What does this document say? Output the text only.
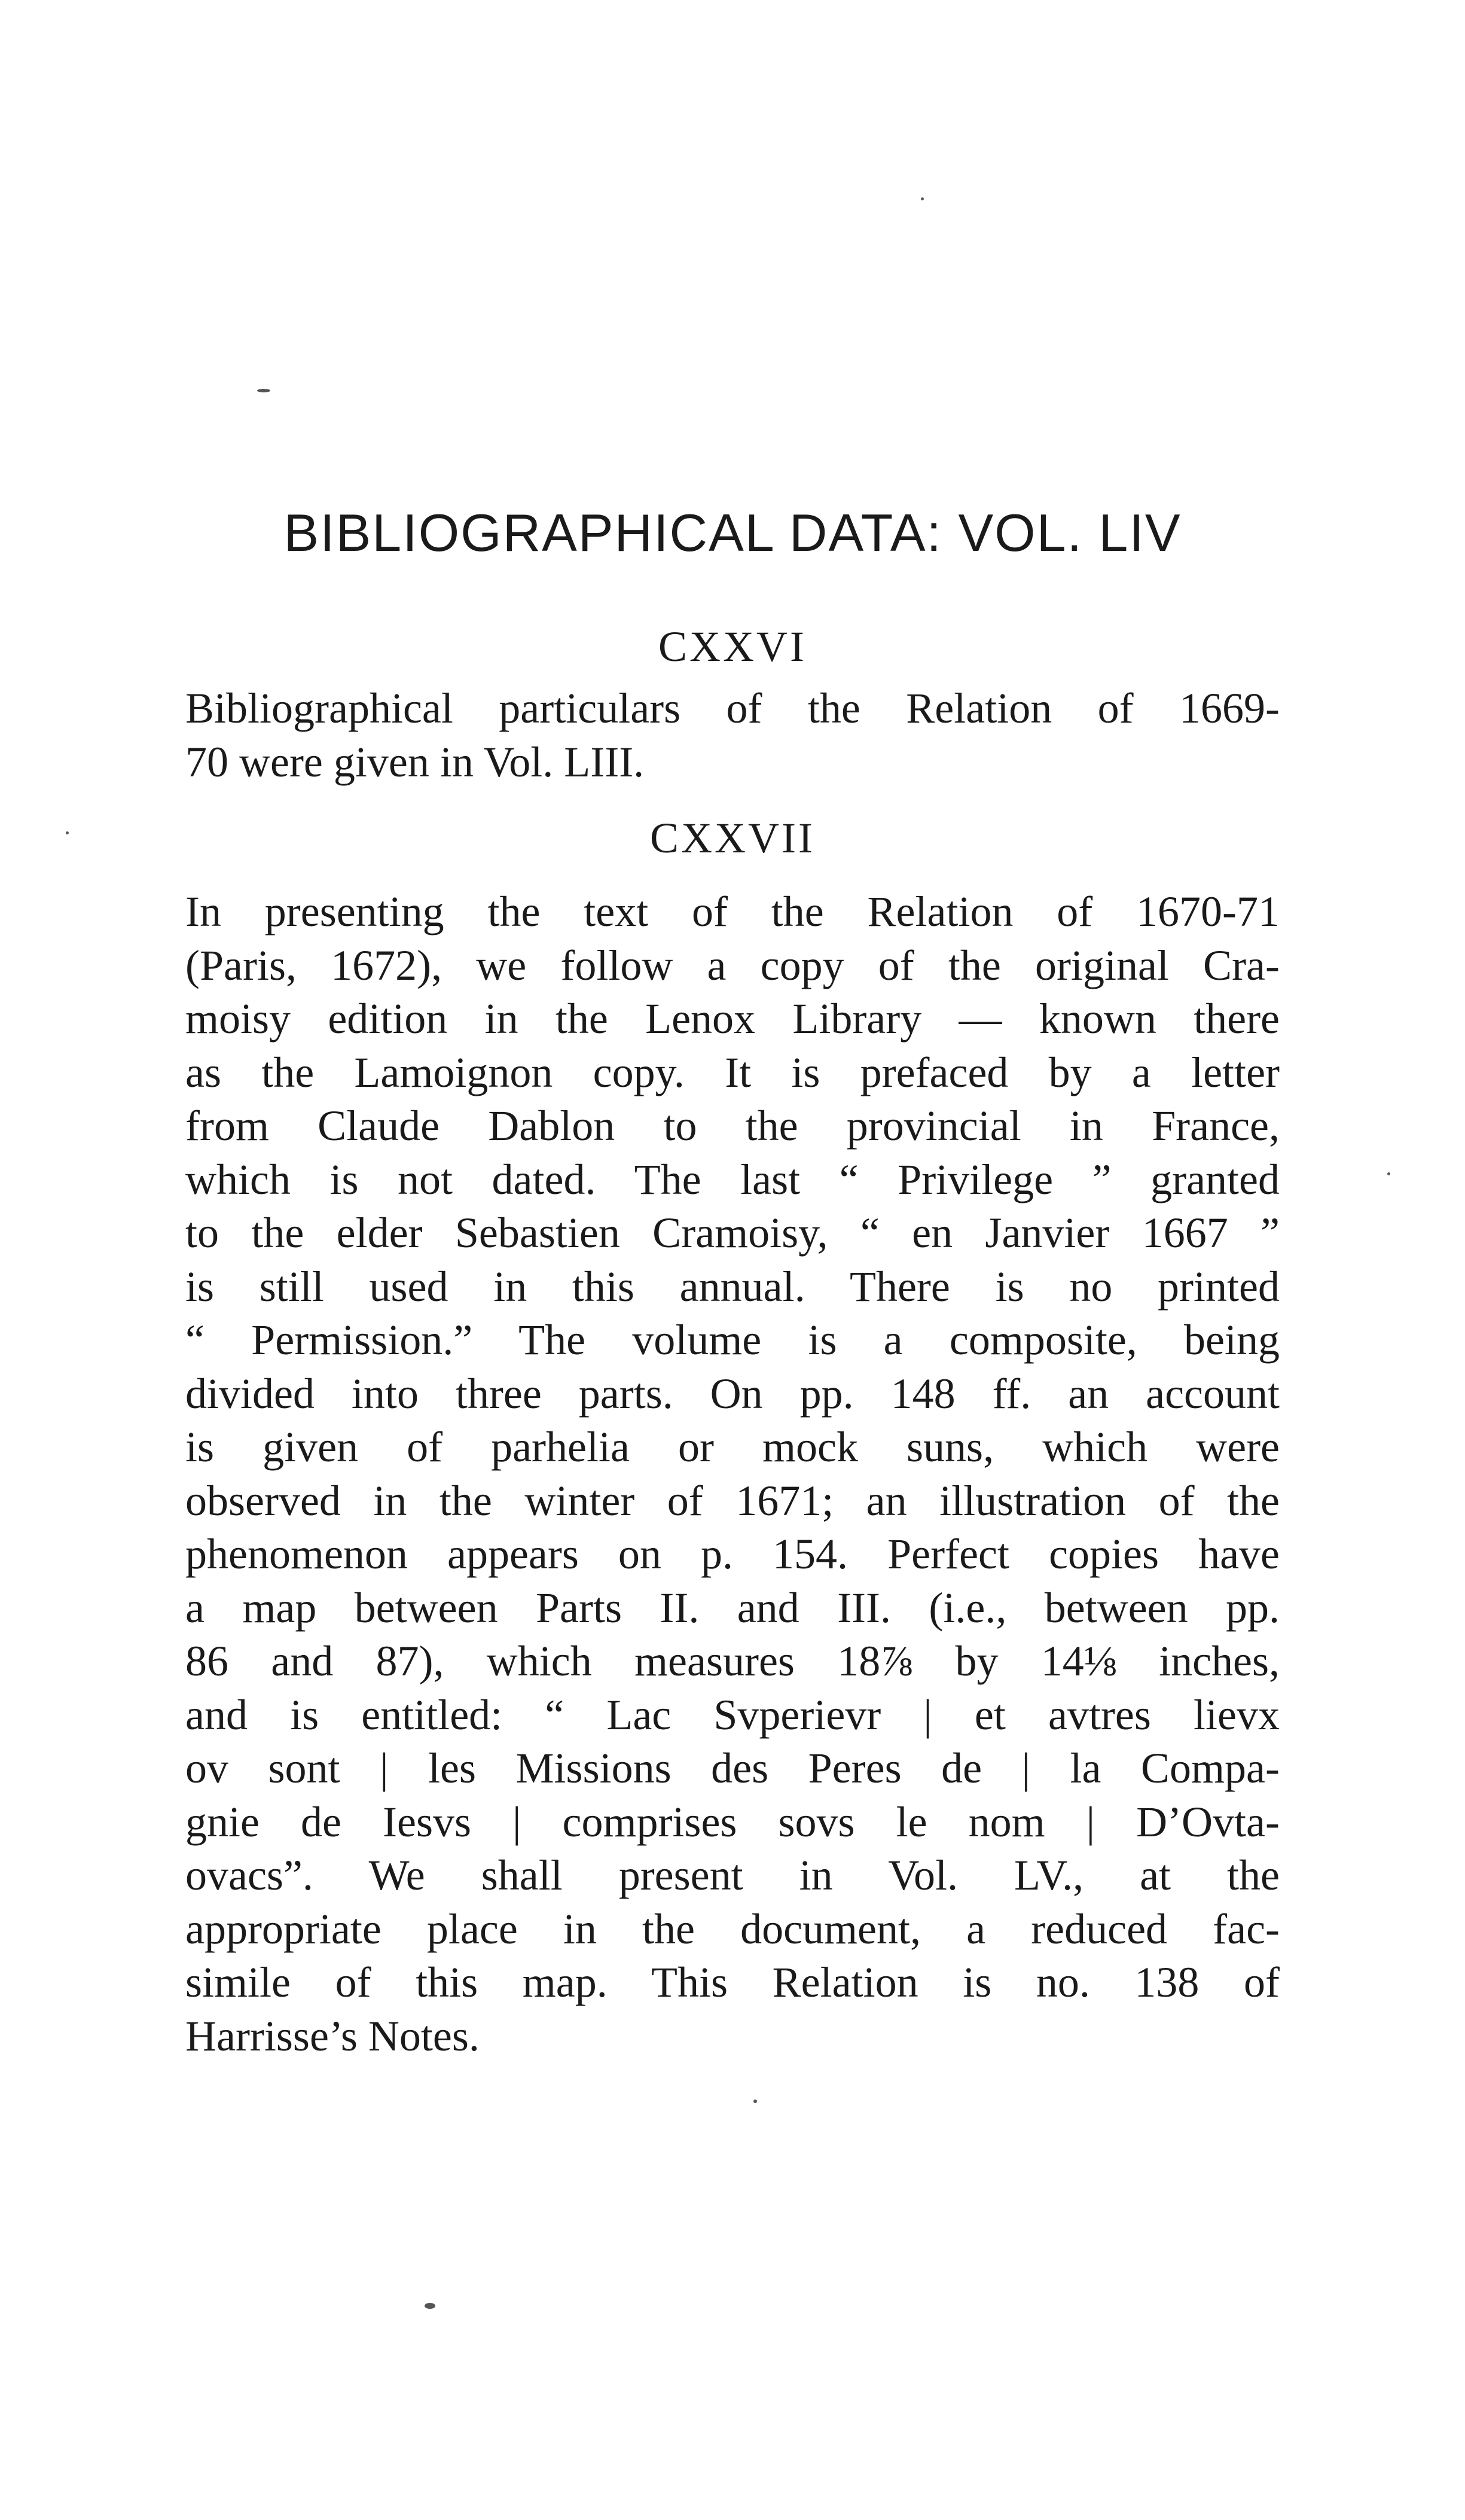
BIBLIOGRAPHICAL DATA: VOL. LIV
CXXVI
Bibliographical particulars of the Relation of 1669-
70 were given in Vol. LIII.
CXXVII
In presenting the text of the Relation of 1670-71
(Paris, 1672), we follow a copy of the original Cra-
moisy edition in the Lenox Library — known there
as the Lamoignon copy. It is prefaced by a letter
from Claude Dablon to the provincial in France,
which is not dated. The last “ Privilege ” granted
to the elder Sebastien Cramoisy, “ en Janvier 1667 ”
is still used in this annual. There is no printed
“ Permission.” The volume is a composite, being
divided into three parts. On pp. 148 ff. an account
is given of parhelia or mock suns, which were
observed in the winter of 1671; an illustration of the
phenomenon appears on p. 154. Perfect copies have
a map between Parts II. and III. (i.e., between pp.
86 and 87), which measures 18⅞ by 14⅛ inches,
and is entitled: “ Lac Svperievr | et avtres lievx
ov sont | les Missions des Peres de | la Compa-
gnie de Iesvs | comprises sovs le nom | D’Ovta-
ovacs”. We shall present in Vol. LV., at the
appropriate place in the document, a reduced fac-
simile of this map. This Relation is no. 138 of
Harrisse’s Notes.
